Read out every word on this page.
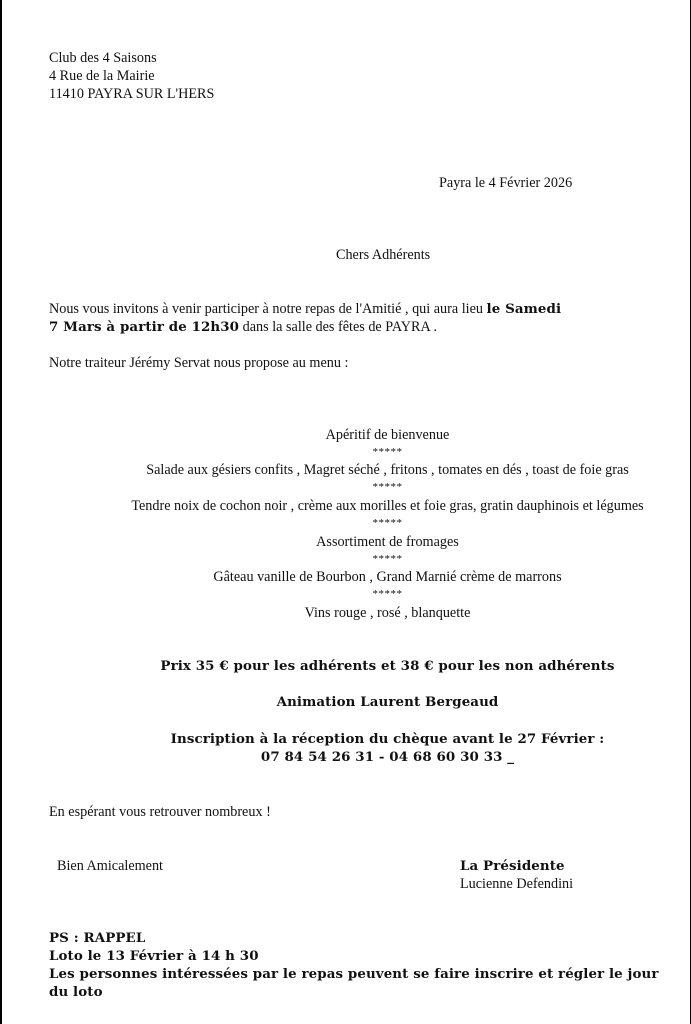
Club des 4 Saisons
4 Rue de la Mairie
11410 PAYRA SUR L'HERS
Payra le 4 Février 2026
Chers Adhérents
Nous vous invitons à venir participer à notre repas de l'Amitié , qui aura lieu le Samedi
7 Mars à partir de 12h30 dans la salle des fêtes de PAYRA .
Notre traiteur Jérémy Servat nous propose au menu :
Apéritif de bienvenue
*****
Salade aux gésiers confits , Magret séché , fritons , tomates en dés , toast de foie gras
*****
Tendre noix de cochon noir , crème aux morilles et foie gras, gratin dauphinois et légumes
*****
Assortiment de fromages
*****
Gâteau vanille de Bourbon , Grand Marnié crème de marrons
*****
Vins rouge , rosé , blanquette
Prix 35 € pour les adhérents et 38 € pour les non adhérents
Animation Laurent Bergeaud
Inscription à la réception du chèque avant le 27 Février :
07 84 54 26 31 - 04 68 60 30 33 _
En espérant vous retrouver nombreux !
Bien Amicalement	La Présidente
Lucienne Defendini
PS : RAPPEL
Loto le 13 Février à 14 h 30
Les personnes intéressées par le repas peuvent se faire inscrire et régler le jour
du loto
